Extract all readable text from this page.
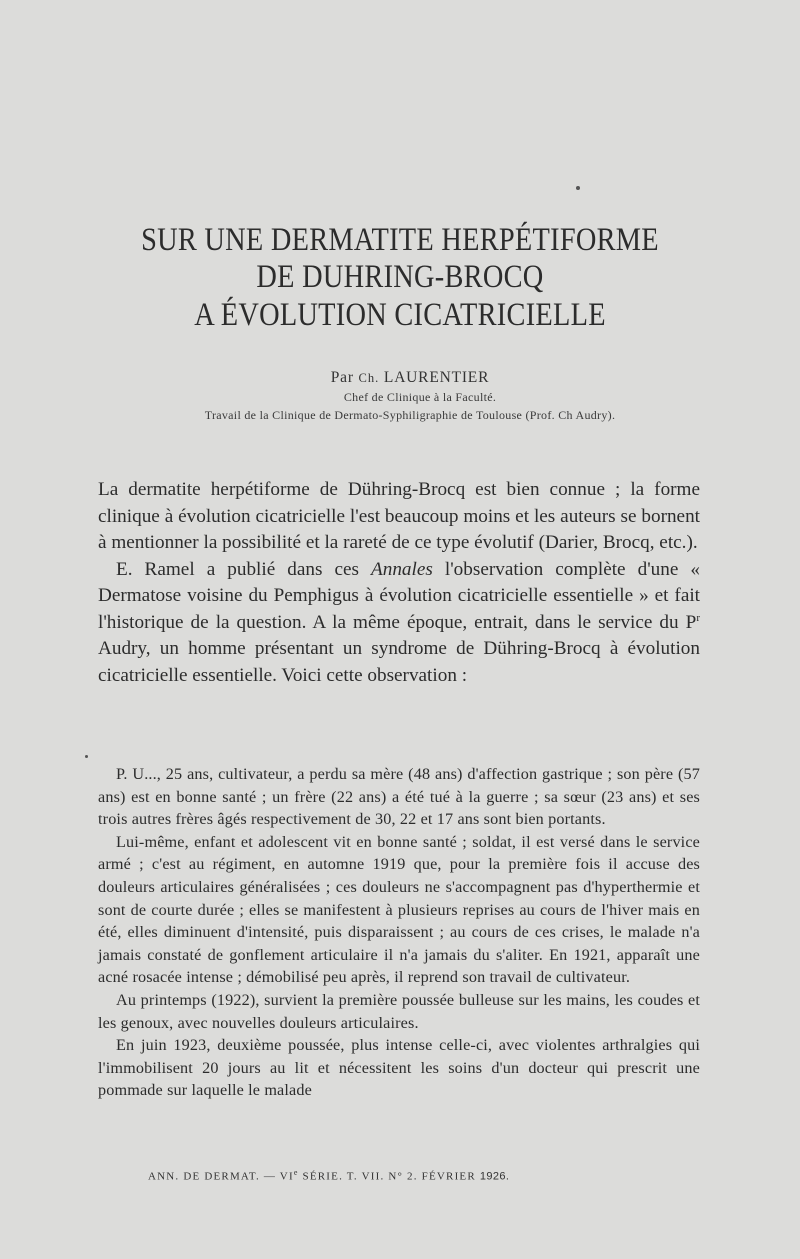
SUR UNE DERMATITE HERPÉTIFORME
DE DUHRING-BROCQ
A ÉVOLUTION CICATRICIELLE
Par Ch. LAURENTIER
Chef de Clinique à la Faculté.
Travail de la Clinique de Dermato-Syphiligraphie de Toulouse (Prof. Ch Audry).

La dermatite herpétiforme de Dühring-Brocq est bien connue ; la forme clinique à évolution cicatricielle l'est beaucoup moins et les auteurs se bornent à mentionner la possibilité et la rareté de ce type évolutif (Darier, Brocq, etc.).

E. Ramel a publié dans ces Annales l'observation complète d'une « Dermatose voisine du Pemphigus à évolution cicatricielle essentielle » et fait l'historique de la question. A la même époque, entrait, dans le service du $P^r$ Audry, un homme présentant un syndrome de Dühring-Brocq à évolution cicatricielle essentielle. Voici cette observation :

P. U..., 25 ans, cultivateur, a perdu sa mère (48 ans) d'affection gastrique ; son père (57 ans) est en bonne santé ; un frère (22 ans) a été tué à la guerre ; sa sœur (23 ans) et ses trois autres frères âgés respectivement de 30, 22 et 17 ans sont bien portants.

Lui-même, enfant et adolescent vit en bonne santé ; soldat, il est versé dans le service armé ; c'est au régiment, en automne 1919 que, pour la première fois il accuse des douleurs articulaires généralisées ; ces douleurs ne s'accompagnent pas d'hyperthermie et sont de courte durée ; elles se manifestent à plusieurs reprises au cours de l'hiver mais en été, elles diminuent d'intensité, puis disparaissent ; au cours de ces crises, le malade n'a jamais constaté de gonflement articulaire il n'a jamais du s'aliter. En 1921, apparaît une acné rosacée intense ; démobilisé peu après, il reprend son travail de cultivateur.

Au printemps (1922), survient la première poussée bulleuse sur les mains, les coudes et les genoux, avec nouvelles douleurs articulaires.

En juin 1923, deuxième poussée, plus intense celle-ci, avec violentes arthralgies qui l'immobilisent 20 jours au lit et nécessitent les soins d'un docteur qui prescrit une pommade sur laquelle le malade

ANN. DE DERMAT. — VIe SÉRIE. T. VII. N° 2. FÉVRIER 1926.
